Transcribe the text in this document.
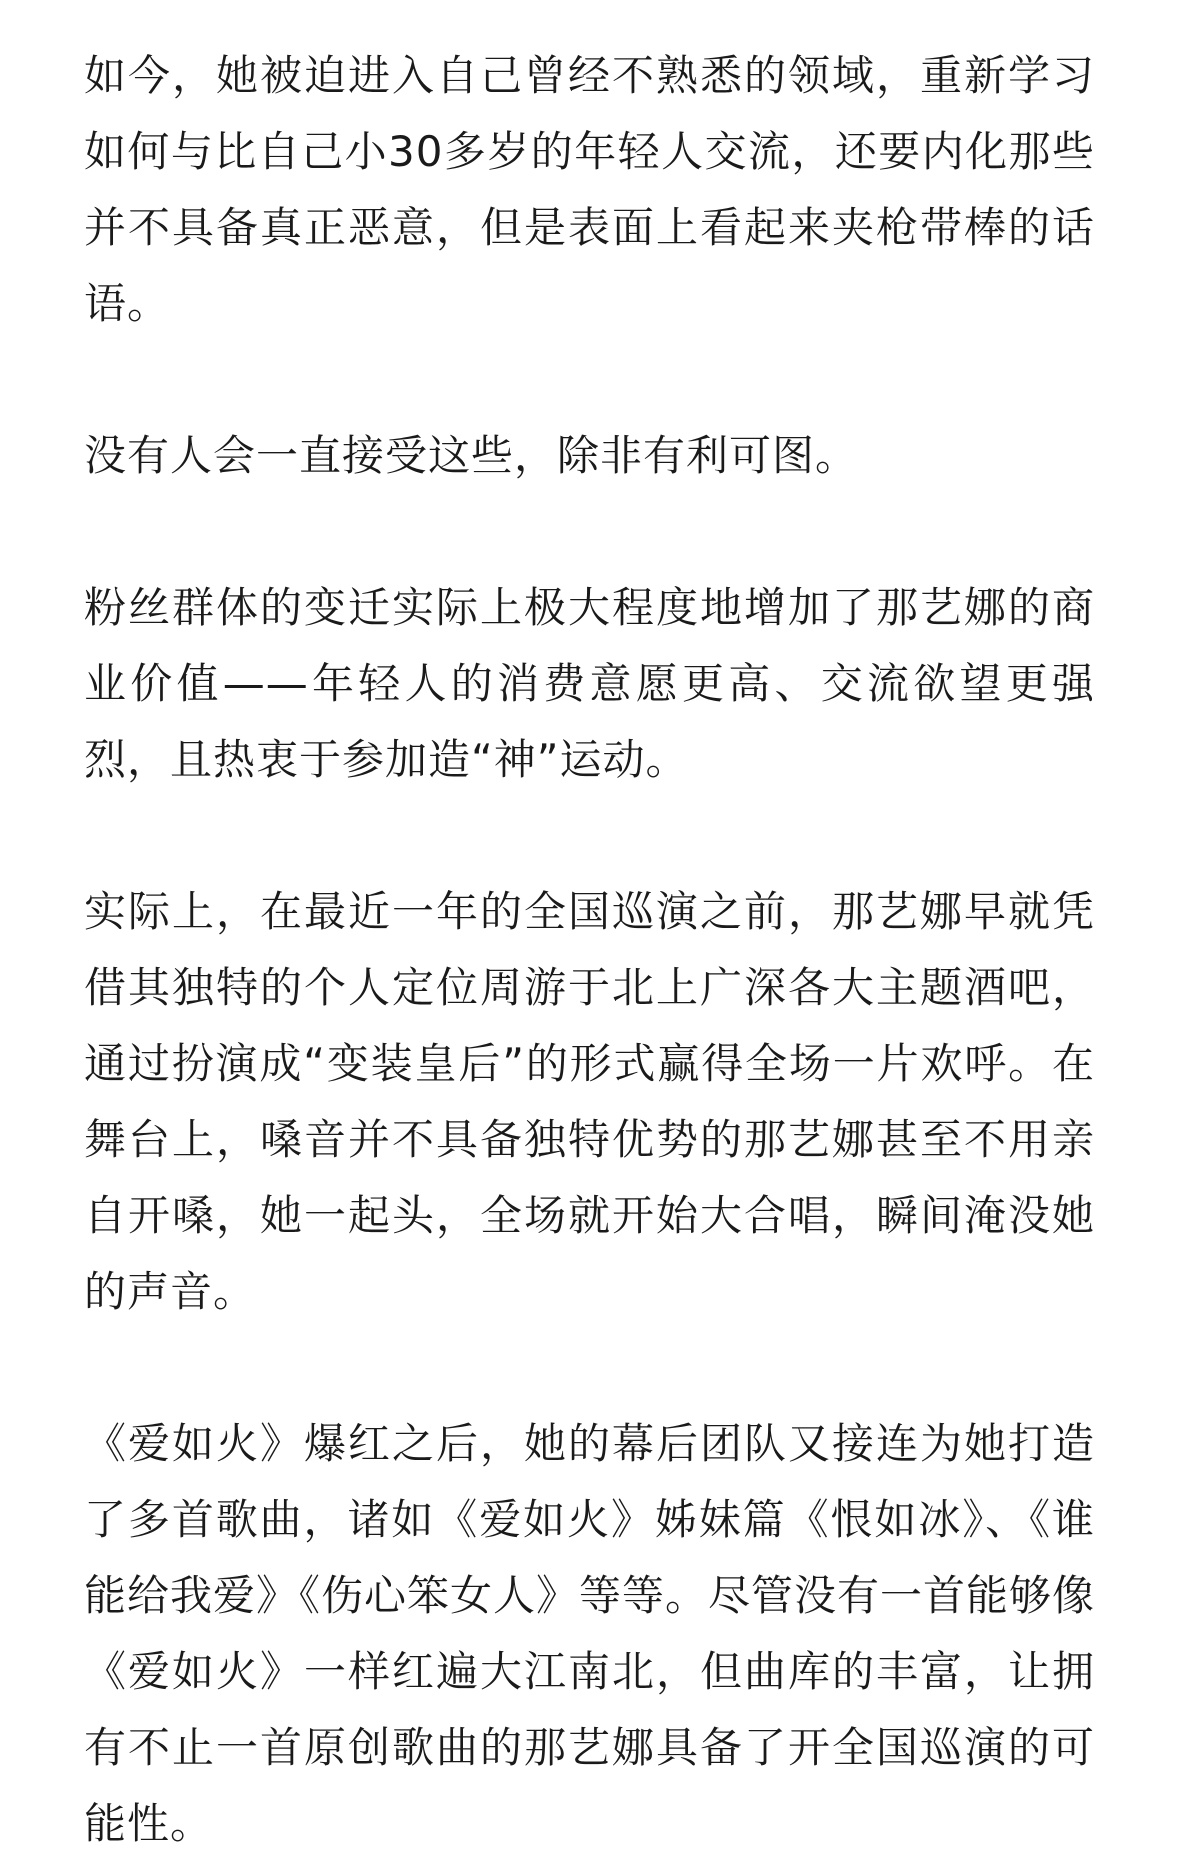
如今，她被迫进入自己曾经不熟悉的领域，重新学习如何与比自己小30多岁的年轻人交流，还要内化那些并不具备真正恶意，但是表面上看起来夹枪带棒的话语。

没有人会一直接受这些，除非有利可图。

粉丝群体的变迁实际上极大程度地增加了那艺娜的商业价值——年轻人的消费意愿更高、交流欲望更强烈，且热衷于参加造“神”运动。

实际上，在最近一年的全国巡演之前，那艺娜早就凭借其独特的个人定位周游于北上广深各大主题酒吧，通过扮演成“变装皇后”的形式赢得全场一片欢呼。在舞台上，嗓音并不具备独特优势的那艺娜甚至不用亲自开嗓，她一起头，全场就开始大合唱，瞬间淹没她的声音。

《爱如火》爆红之后，她的幕后团队又接连为她打造了多首歌曲，诸如《爱如火》姊妹篇《恨如冰》、《谁能给我爱》《伤心笨女人》等等。尽管没有一首能够像《爱如火》一样红遍大江南北，但曲库的丰富，让拥有不止一首原创歌曲的那艺娜具备了开全国巡演的可能性。
